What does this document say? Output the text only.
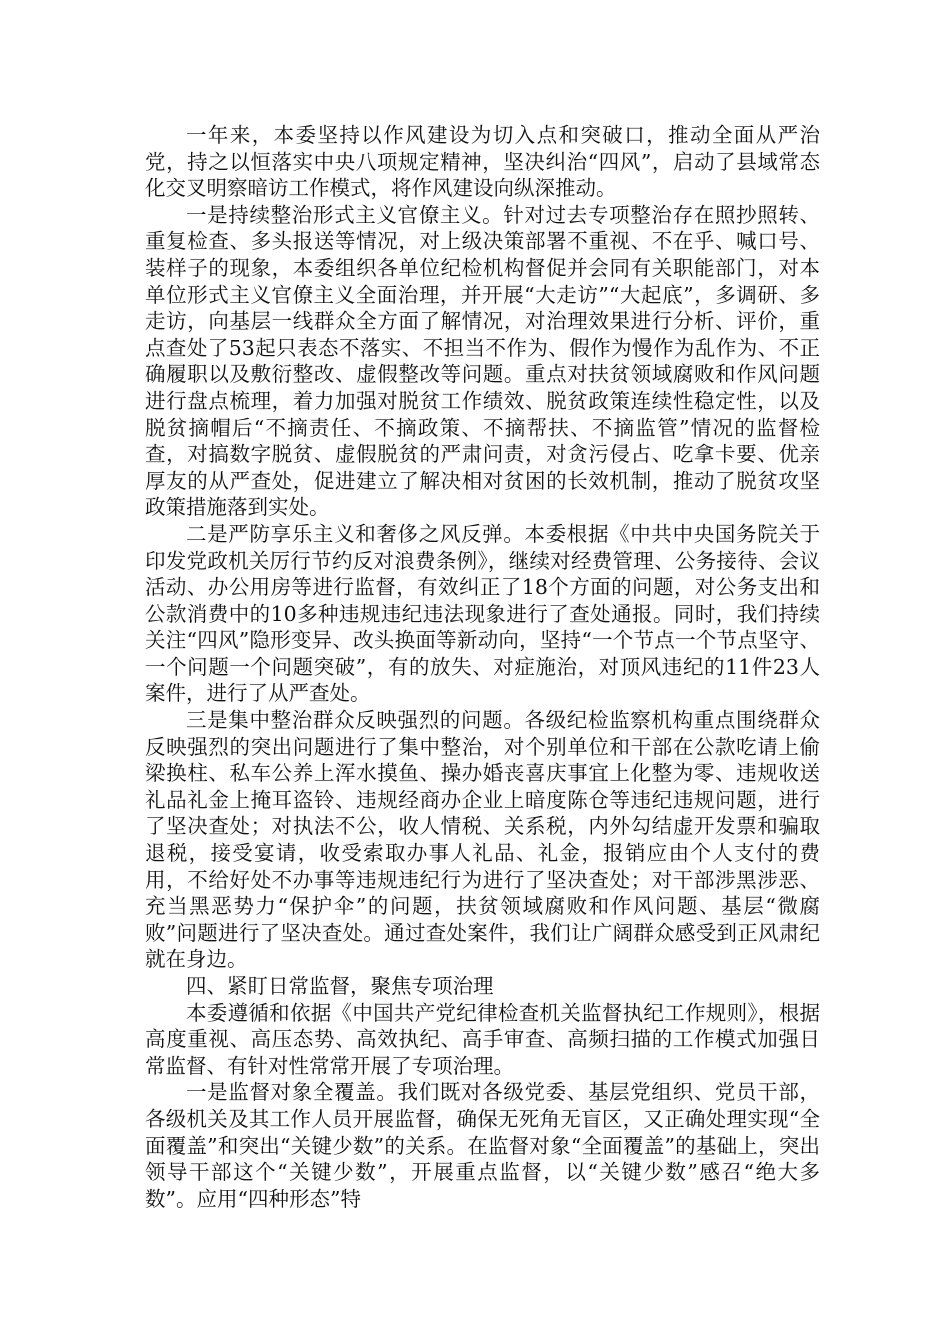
一年来，本委坚持以作风建设为切入点和突破口，推动全面从严治党，持之以恒落实中央八项规定精神，坚决纠治“四风”，启动了县域常态化交叉明察暗访工作模式，将作风建设向纵深推动。

一是持续整治形式主义官僚主义。针对过去专项整治存在照抄照转、重复检查、多头报送等情况，对上级决策部署不重视、不在乎、喊口号、装样子的现象，本委组织各单位纪检机构督促并会同有关职能部门，对本单位形式主义官僚主义全面治理，并开展“大走访”“大起底”，多调研、多走访，向基层一线群众全方面了解情况，对治理效果进行分析、评价，重点查处了53起只表态不落实、不担当不作为、假作为慢作为乱作为、不正确履职以及敷衍整改、虚假整改等问题。重点对扶贫领域腐败和作风问题进行盘点梳理，着力加强对脱贫工作绩效、脱贫政策连续性稳定性，以及脱贫摘帽后“不摘责任、不摘政策、不摘帮扶、不摘监管”情况的监督检查，对搞数字脱贫、虚假脱贫的严肃问责，对贪污侵占、吃拿卡要、优亲厚友的从严查处，促进建立了解决相对贫困的长效机制，推动了脱贫攻坚政策措施落到实处。

二是严防享乐主义和奢侈之风反弹。本委根据《中共中央国务院关于印发党政机关厉行节约反对浪费条例》，继续对经费管理、公务接待、会议活动、办公用房等进行监督，有效纠正了18个方面的问题，对公务支出和公款消费中的10多种违规违纪违法现象进行了查处通报。同时，我们持续关注“四风”隐形变异、改头换面等新动向，坚持“一个节点一个节点坚守、一个问题一个问题突破”，有的放失、对症施治，对顶风违纪的11件23人案件，进行了从严查处。

三是集中整治群众反映强烈的问题。各级纪检监察机构重点围绕群众反映强烈的突出问题进行了集中整治，对个别单位和干部在公款吃请上偷梁换柱、私车公养上浑水摸鱼、操办婚丧喜庆事宜上化整为零、违规收送礼品礼金上掩耳盗铃、违规经商办企业上暗度陈仓等违纪违规问题，进行了坚决查处；对执法不公，收人情税、关系税，内外勾结虚开发票和骗取退税，接受宴请，收受索取办事人礼品、礼金，报销应由个人支付的费用，不给好处不办事等违规违纪行为进行了坚决查处；对干部涉黑涉恶、充当黑恶势力“保护伞”的问题，扶贫领域腐败和作风问题、基层“微腐败”问题进行了坚决查处。通过查处案件，我们让广阔群众感受到正风肃纪就在身边。

四、紧盯日常监督，聚焦专项治理

本委遵循和依据《中国共产党纪律检查机关监督执纪工作规则》，根据高度重视、高压态势、高效执纪、高手审查、高频扫描的工作模式加强日常监督、有针对性常常开展了专项治理。

一是监督对象全覆盖。我们既对各级党委、基层党组织、党员干部，各级机关及其工作人员开展监督，确保无死角无盲区，又正确处理实现“全面覆盖”和突出“关键少数”的关系。在监督对象“全面覆盖”的基础上，突出领导干部这个“关键少数”，开展重点监督，以“关键少数”感召“绝大多数”。应用“四种形态”特
